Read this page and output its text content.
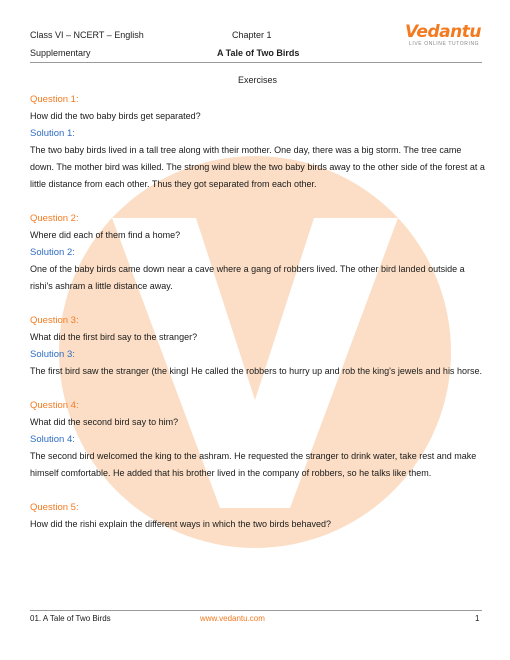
Class VI – NCERT – English	Chapter 1
Supplementary	A Tale of Two Birds
Vedantu
LIVE ONLINE TUTORING

Exercises

Question 1:

How did the two baby birds get separated?

Solution 1:

The two baby birds lived in a tall tree along with their mother. One day, there was a big storm. The tree came down. The mother bird was killed. The strong wind blew the two baby birds away to the other side of the forest at a little distance from each other. Thus they got separated from each other.

Question 2:

Where did each of them find a home?

Solution 2:

One of the baby birds came down near a cave where a gang of robbers lived. The other bird landed outside a rishi's ashram a little distance away.

Question 3:

What did the first bird say to the stranger?

Solution 3:

The first bird saw the stranger (the kingI He called the robbers to hurry up and rob the king's jewels and his horse.

Question 4:

What did the second bird say to him?

Solution 4:

The second bird welcomed the king to the ashram. He requested the stranger to drink water, take rest and make himself comfortable. He added that his brother lived in the company of robbers, so he talks like them.

Question 5:

How did the rishi explain the different ways in which the two birds behaved?

01. A Tale of Two Birds	www.vedantu.com	1
